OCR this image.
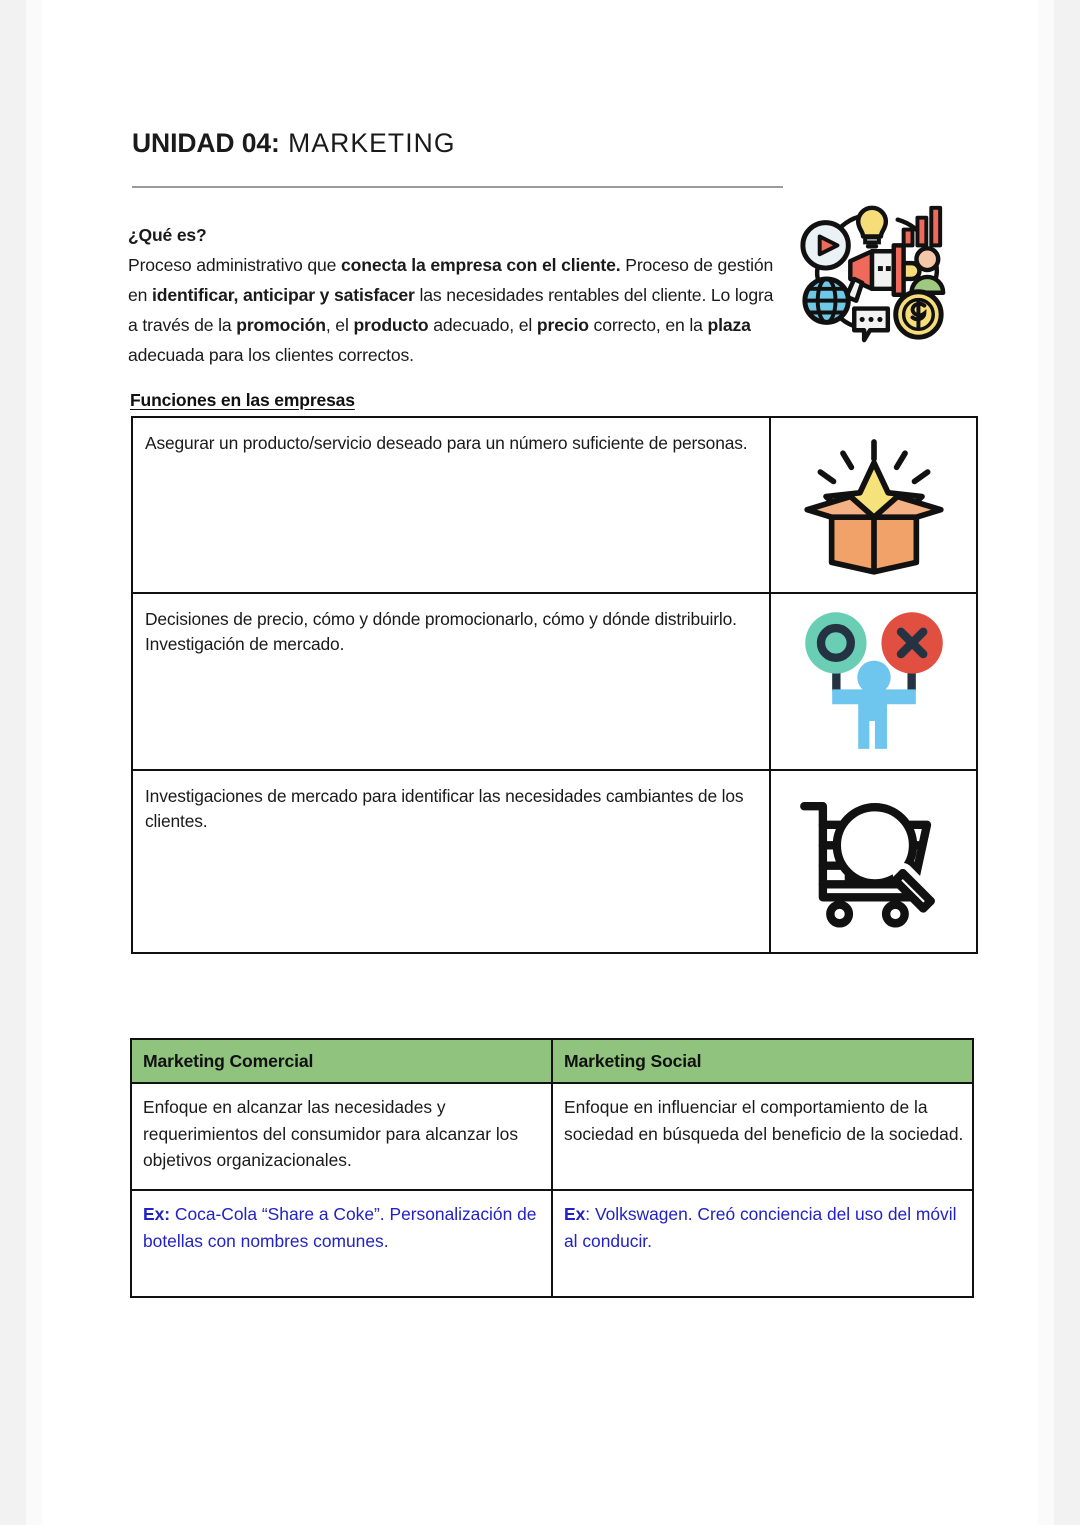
UNIDAD 04: MARKETING
¿Qué es?
Proceso administrativo que conecta la empresa con el cliente. Proceso de gestión en identificar, anticipar y satisfacer las necesidades rentables del cliente. Lo logra a través de la promoción, el producto adecuado, el precio correcto, en la plaza adecuada para los clientes correctos.
Funciones en las empresas
Asegurar un producto/servicio deseado para un número suficiente de personas.	

Decisiones de precio, cómo y dónde promocionarlo, cómo y dónde distribuirlo. Investigación de mercado.	

Investigaciones de mercado para identificar las necesidades cambiantes de los clientes.	
Marketing Comercial	Marketing Social
Enfoque en alcanzar las necesidades y requerimientos del consumidor para alcanzar los objetivos organizacionales.	Enfoque en influenciar el comportamiento de la sociedad en búsqueda del beneficio de la sociedad.
Ex: Coca-Cola “Share a Coke”. Personalización de botellas con nombres comunes.	Ex: Volkswagen. Creó conciencia del uso del móvil al conducir.
